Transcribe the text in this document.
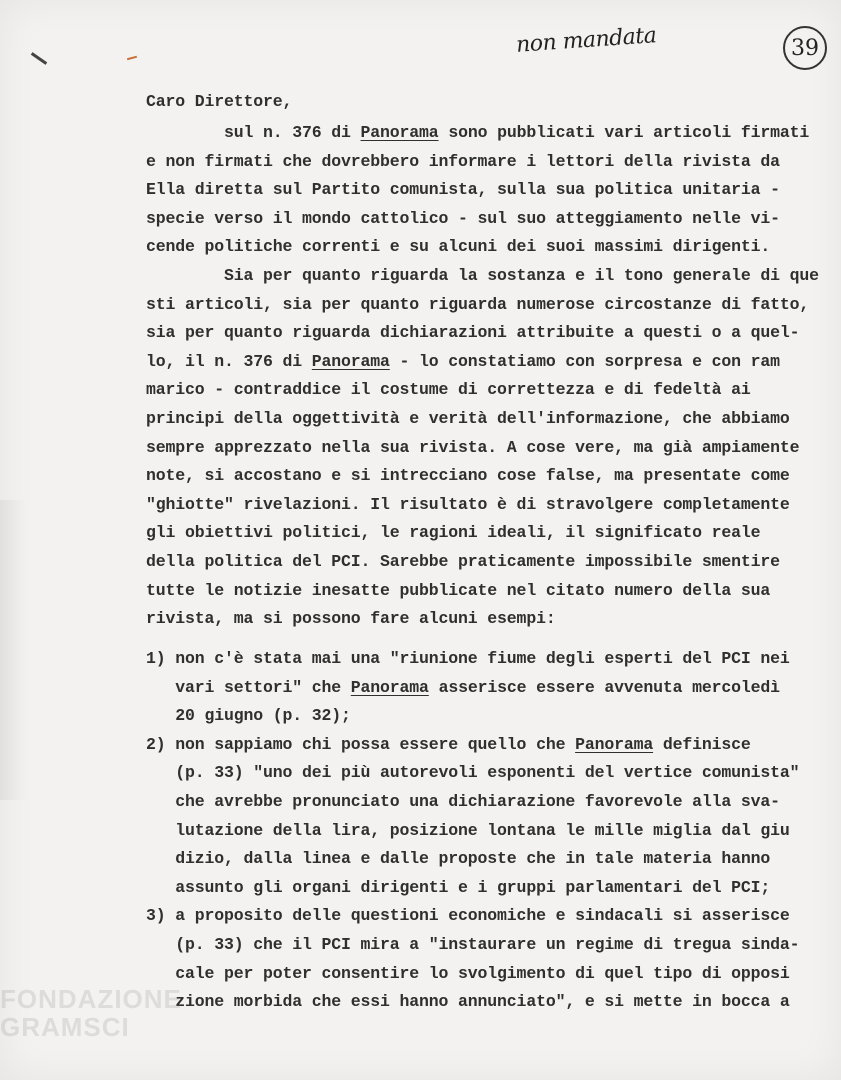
non mandata	39
Caro Direttore,
sul n. 376 di Panorama sono pubblicati vari articoli firmati
e non firmati che dovrebbero informare i lettori della rivista da
Ella diretta sul Partito comunista, sulla sua politica unitaria -
specie verso il mondo cattolico - sul suo atteggiamento nelle vi-
cende politiche correnti e su alcuni dei suoi massimi dirigenti.
Sia per quanto riguarda la sostanza e il tono generale di que
sti articoli, sia per quanto riguarda numerose circostanze di fatto,
sia per quanto riguarda dichiarazioni attribuite a questi o a quel-
lo, il n. 376 di Panorama - lo constatiamo con sorpresa e con ram
marico - contraddice il costume di correttezza e di fedeltà ai
principi della oggettività e verità dell'informazione, che abbiamo
sempre apprezzato nella sua rivista. A cose vere, ma già ampiamente
note, si accostano e si intrecciano cose false, ma presentate come
"ghiotte" rivelazioni. Il risultato è di stravolgere completamente
gli obiettivi politici, le ragioni ideali, il significato reale
della politica del PCI. Sarebbe praticamente impossibile smentire
tutte le notizie inesatte pubblicate nel citato numero della sua
rivista, ma si possono fare alcuni esempi:
1) non c'è stata mai una "riunione fiume degli esperti del PCI nei
vari settori" che Panorama asserisce essere avvenuta mercoledì
20 giugno (p. 32);
2) non sappiamo chi possa essere quello che Panorama definisce
(p. 33) "uno dei più autorevoli esponenti del vertice comunista"
che avrebbe pronunciato una dichiarazione favorevole alla sva-
lutazione della lira, posizione lontana le mille miglia dal giu
dizio, dalla linea e dalle proposte che in tale materia hanno
assunto gli organi dirigenti e i gruppi parlamentari del PCI;
3) a proposito delle questioni economiche e sindacali si asserisce
(p. 33) che il PCI mira a "instaurare un regime di tregua sinda-
cale per poter consentire lo svolgimento di quel tipo di opposi
zione morbida che essi hanno annunciato", e si mette in bocca a
FONDAZIONE
GRAMSCI
